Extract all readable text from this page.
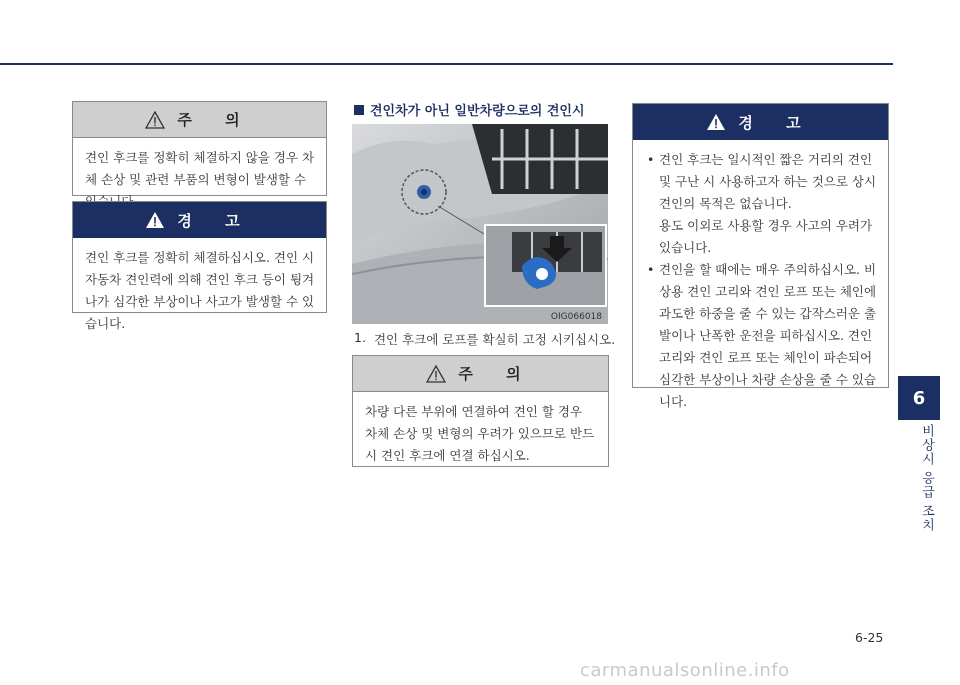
주 의
견인 후크를 정확히 체결하지 않을 경우 차체 손상 및 관련 부품의 변형이 발생할 수
경 고
견인 후크를 정확히 체결하십시오. 견인 시 자동차 견인력에 의해 견인 후크 등이 튕겨나가 심각한 부상이나 사고가 발생할 수 있습니다.
견인차가 아닌 일반차량으로의 견인시
OIG066018
1. 견인 후크에 로프를 확실히 고정 시키십시오.
주 의
차량 다른 부위에 연결하여 견인 할 경우 차체 손상 및 변형의 우려가 있으므로 반드시 견인 후크에 연결 하십시오.
경 고
• 견인 후크는 일시적인 짧은 거리의 견인 및 구난 시 사용하고자 하는 것으로 상시 견인의 목적은 없습니다.
용도 이외로 사용할 경우 사고의 우려가 있습니다.
• 견인을 할 때에는 매우 주의하십시오. 비상용 견인 고리와 견인 로프 또는 체인에 과도한 하중을 줄 수 있는 갑작스러운 출발이나 난폭한 운전을 피하십시오. 견인 고리와 견인 로프 또는 체인이 파손되어 심각한 부상이나 차량 손상을 줄 수 있습니다.	6
비상시 응급 조치
6-25
carmanualsonline.info
